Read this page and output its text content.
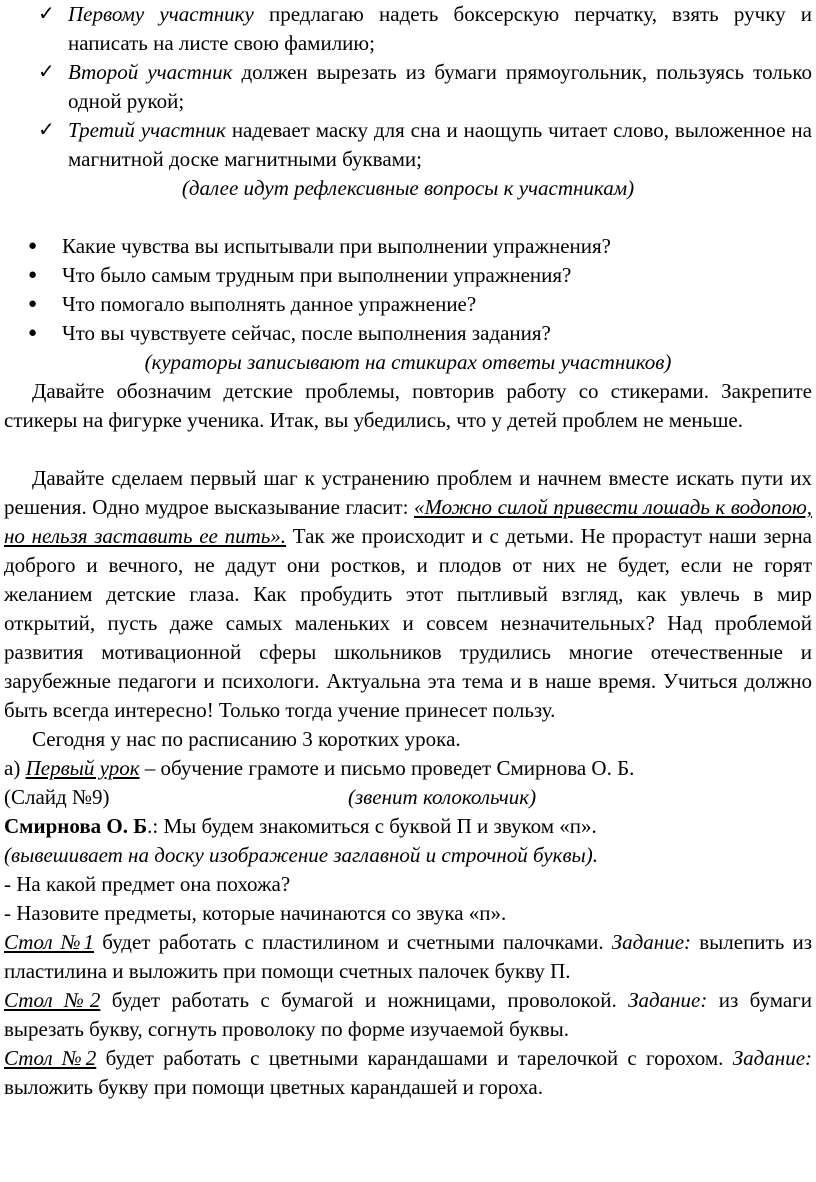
✓ Первому участнику предлагаю надеть боксерскую перчатку, взять ручку и написать на листе свою фамилию;
✓ Второй участник должен вырезать из бумаги прямоугольник, пользуясь только одной рукой;
✓ Третий участник надевает маску для сна и наощупь читает слово, выложенное на магнитной доске магнитными буквами;
(далее идут рефлексивные вопросы к участникам)
● Какие чувства вы испытывали при выполнении упражнения?
● Что было самым трудным при выполнении упражнения?
● Что помогало выполнять данное упражнение?
● Что вы чувствуете сейчас, после выполнения задания?
(кураторы записывают на стикирах ответы участников)
Давайте обозначим детские проблемы, повторив работу со стикерами. Закрепите стикеры на фигурке ученика. Итак, вы убедились, что у детей проблем не меньше.
Давайте сделаем первый шаг к устранению проблем и начнем вместе искать пути их решения. Одно мудрое высказывание гласит: «Можно силой привести лошадь к водопою, но нельзя заставить ее пить». Так же происходит и с детьми. Не прорастут наши зерна доброго и вечного, не дадут они ростков, и плодов от них не будет, если не горят желанием детские глаза. Как пробудить этот пытливый взгляд, как увлечь в мир открытий, пусть даже самых маленьких и совсем незначительных? Над проблемой развития мотивационной сферы школьников трудились многие отечественные и зарубежные педагоги и психологи. Актуальна эта тема и в наше время. Учиться должно быть всегда интересно! Только тогда учение принесет пользу.
Сегодня у нас по расписанию 3 коротких урока.
а) Первый урок – обучение грамоте и письмо проведет Смирнова О. Б.
(Слайд №9)	(звенит колокольчик)
Смирнова О. Б.: Мы будем знакомиться с буквой П и звуком «п».
(вывешивает на доску изображение заглавной и строчной буквы).
- На какой предмет она похожа?
- Назовите предметы, которые начинаются со звука «п».
Стол №1 будет работать с пластилином и счетными палочками. Задание: вылепить из пластилина и выложить при помощи счетных палочек букву П.
Стол №2 будет работать с бумагой и ножницами, проволокой. Задание: из бумаги вырезать букву, согнуть проволоку по форме изучаемой буквы.
Стол №2 будет работать с цветными карандашами и тарелочкой с горохом. Задание: выложить букву при помощи цветных карандашей и гороха.
